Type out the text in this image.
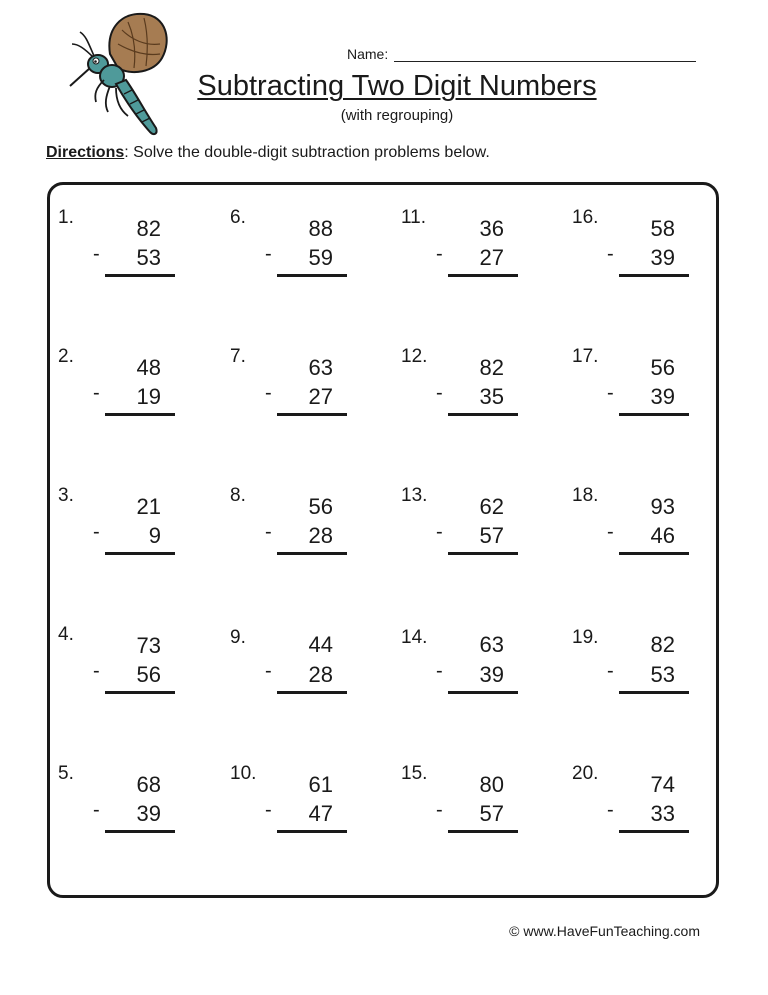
Name:
Subtracting Two Digit Numbers
(with regrouping)
Directions: Solve the double-digit subtraction problems below.
1.	82
- 53
2.	48
- 19
3.	21
- 9
4.	73
- 56
5.	68
- 39
6.	88
- 59
7.	63
- 27
8.	56
- 28
9.	44
- 28
10. 61
- 47
11. 36
- 27
12. 82
- 35
13. 62
- 57
14. 63
- 39
15. 80
- 57
16. 58
- 39
17. 56
- 39
18. 93
- 46
19. 82
- 53
20. 74
- 33
© www.HaveFunTeaching.com
